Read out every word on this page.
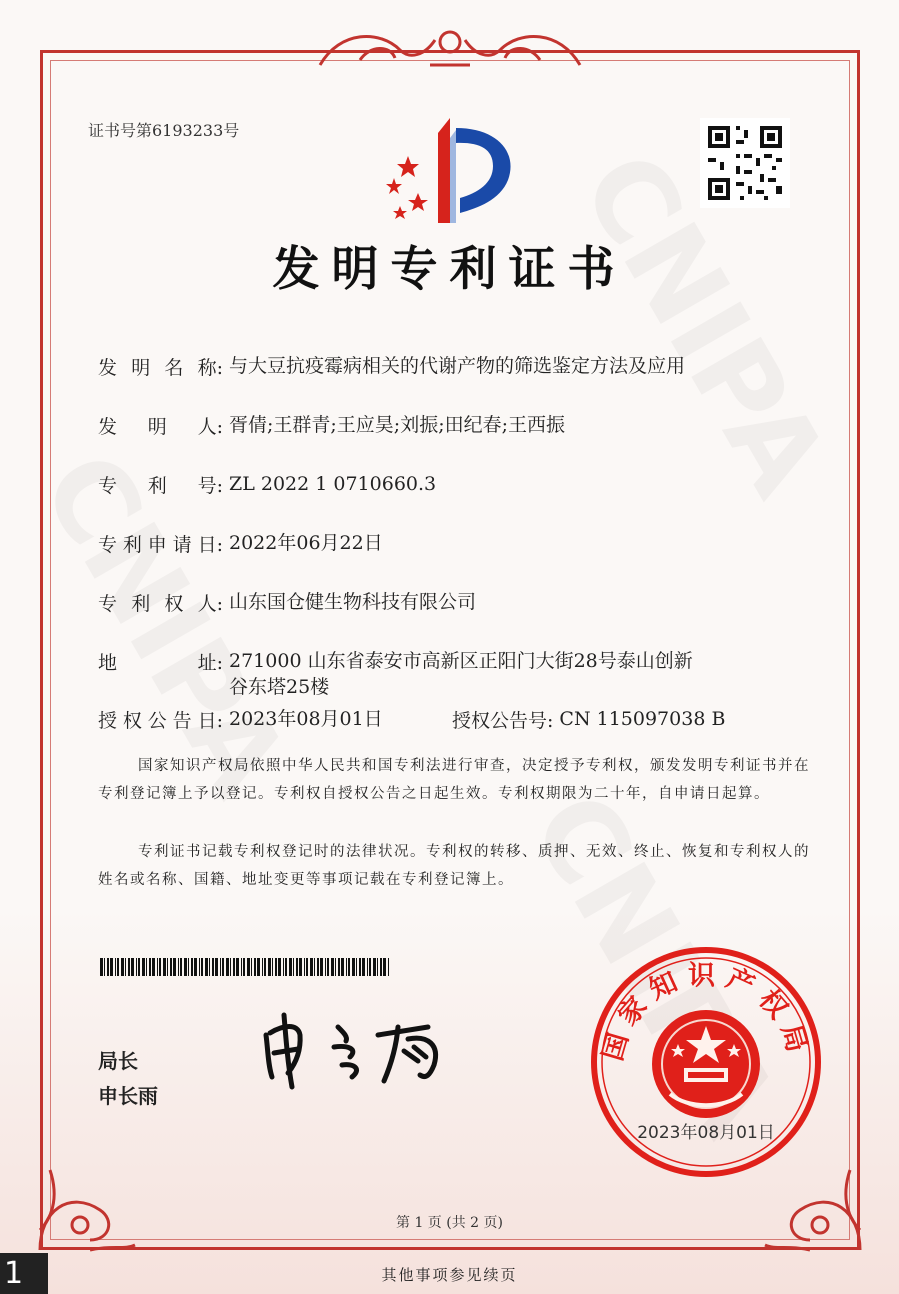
证书号第6193233号
发明专利证书
发 明 名 称: 与大豆抗疫霉病相关的代谢产物的筛选鉴定方法及应用
发 明 人: 胥倩;王群青;王应昊;刘振;田纪春;王西振
专 利 号: ZL 2022 1 0710660.3
专 利 申 请 日: 2022年06月22日
专 利 权 人: 山东国仓健生物科技有限公司
地	址: 271000 山东省泰安市高新区正阳门大街28号泰山创新
谷东塔25楼
授 权 公 告 日: 2023年08月01日	授权公告号: CN 115097038 B
国家知识产权局依照中华人民共和国专利法进行审查，决定授予专利权，颁发发明专利证书并在专利登记簿上予以登记。专利权自授权公告之日起生效。专利权期限为二十年，自申请日起算。
专利证书记载专利权登记时的法律状况。专利权的转移、质押、无效、终止、恢复和专利权人的姓名或名称、国籍、地址变更等事项记载在专利登记簿上。
局长
申长雨
国家知识产权局
2023年08月01日
第 1 页 (共 2 页)
其他事项参见续页
1
